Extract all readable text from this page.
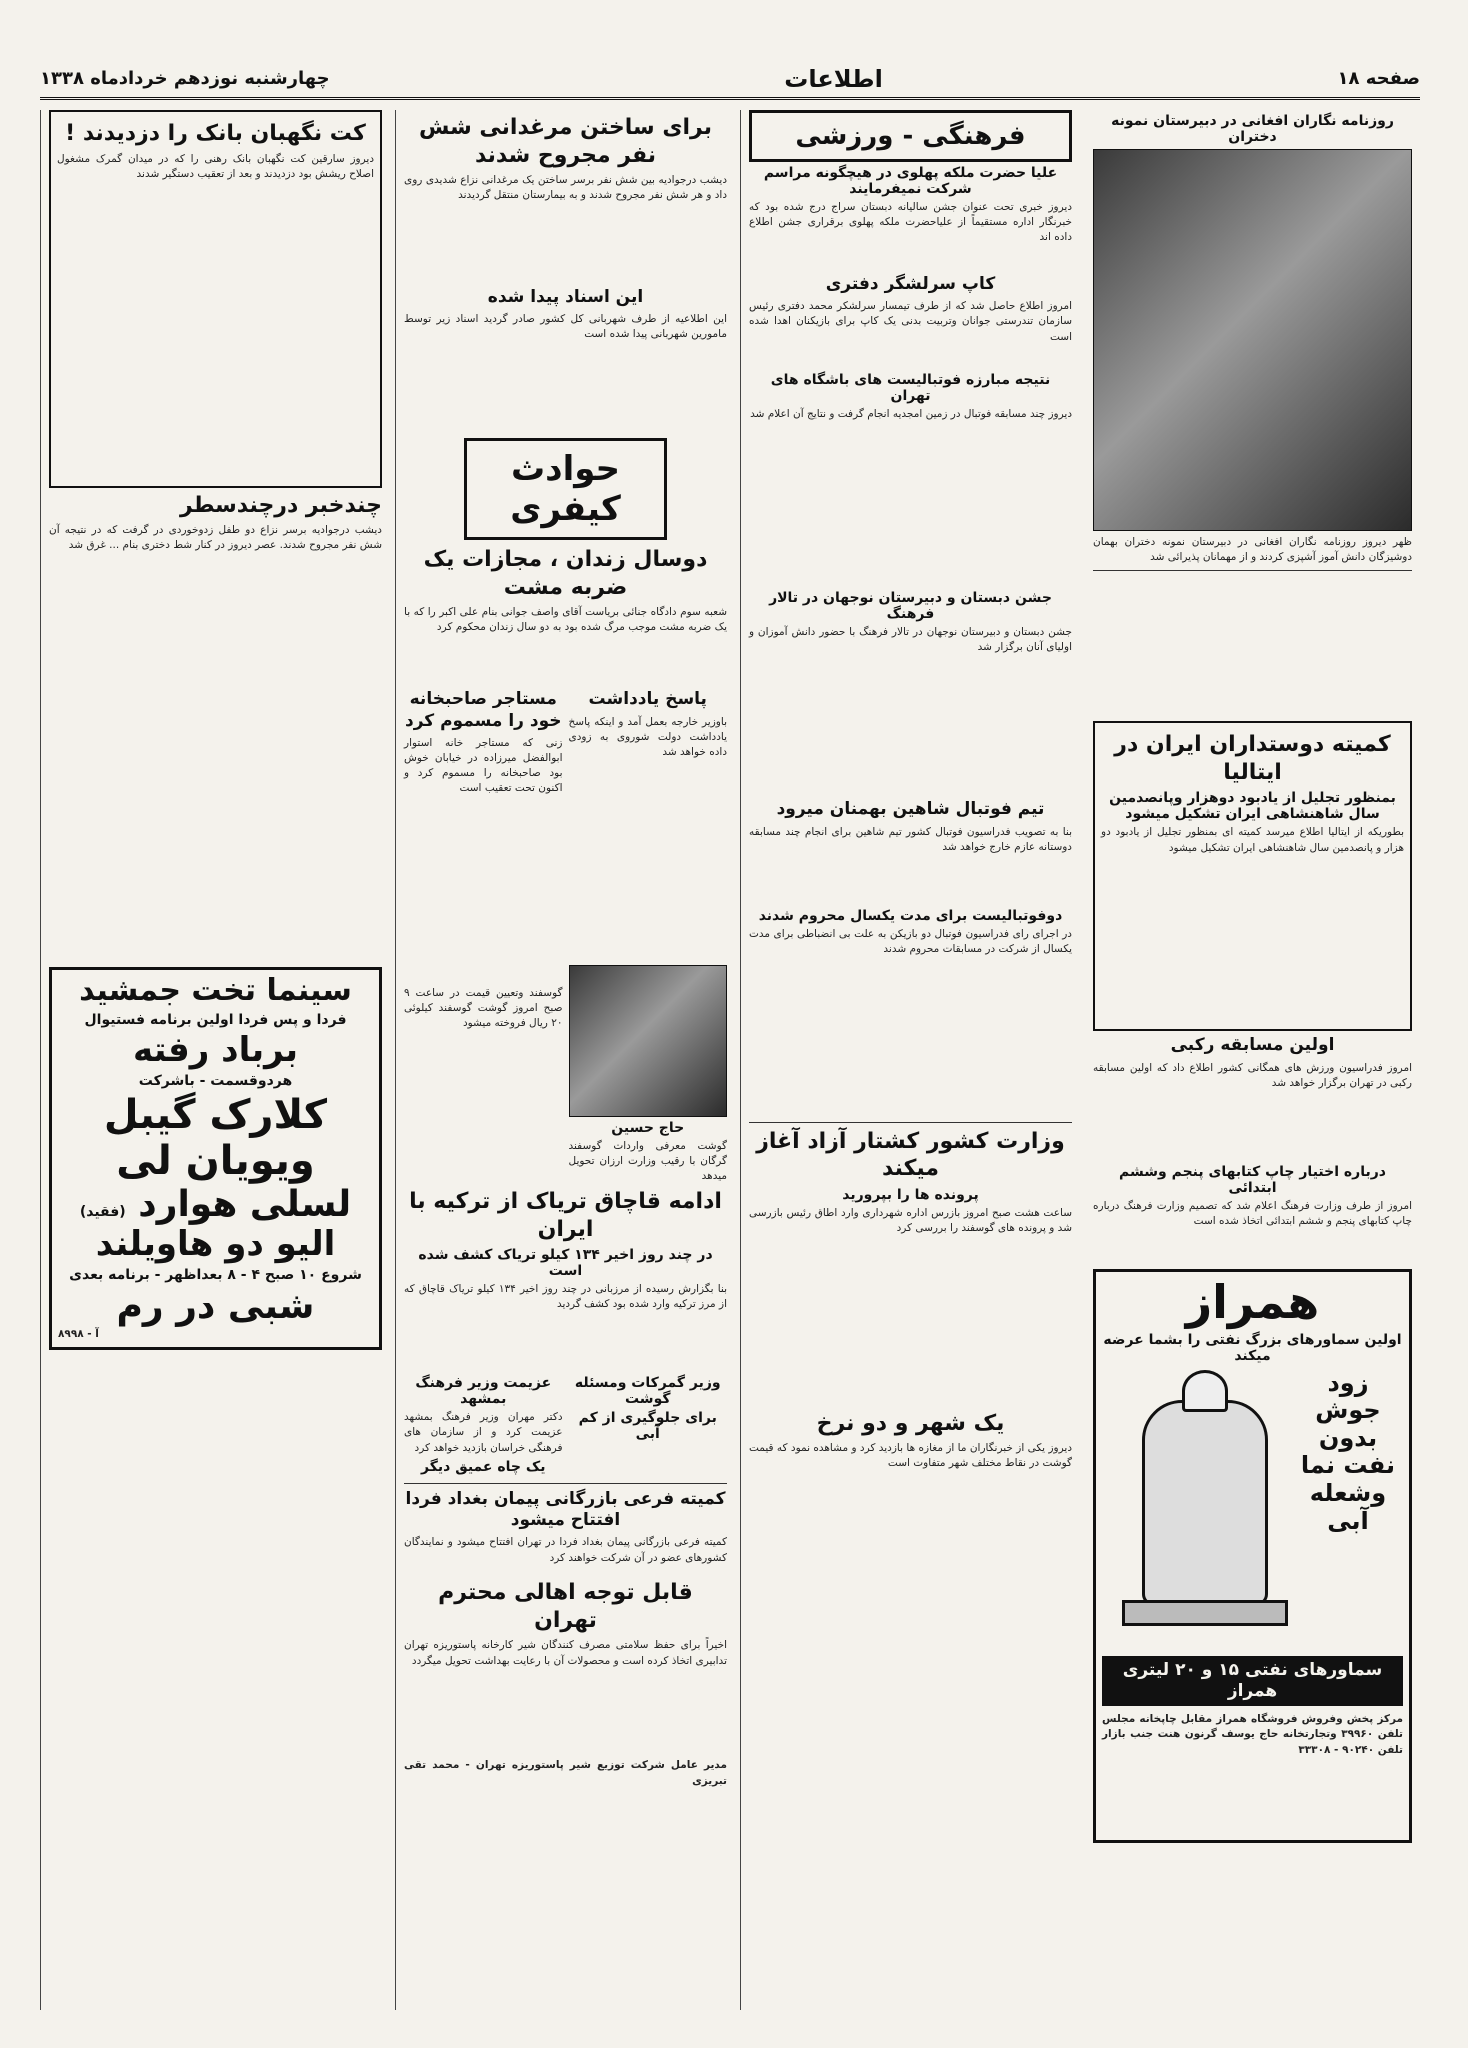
صفحه ۱۸
اطلاعات
چهارشنبه نوزدهم خردادماه ۱۳۳۸
روزنامه نگاران افغانی در دبیرستان نمونه دختران
ظهر دیروز روزنامه نگاران افغانی در دبیرستان نمونه دختران بهمان دوشیزگان دانش آموز آشپزی کردند و از مهمانان پذیرائی شد
کمیته دوستداران ایران در ایتالیا
بمنظور تجلیل از یادبود دوهزار وپانصدمین سال شاهنشاهی ایران تشکیل میشود
بطوریکه از ایتالیا اطلاع میرسد کمیته ای بمنظور تجلیل از یادبود دو هزار و پانصدمین سال شاهنشاهی ایران تشکیل میشود
اولین مسابقه رکبی
امروز فدراسیون ورزش های همگانی کشور اطلاع داد که اولین مسابقه رکبی در تهران برگزار خواهد شد
درباره اختیار چاپ کتابهای پنجم وششم ابتدائی
امروز از طرف وزارت فرهنگ اعلام شد که تصمیم وزارت فرهنگ درباره چاپ کتابهای پنجم و ششم ابتدائی اتخاذ شده است
همراز
اولین سماورهای بزرگ نفتی را بشما عرضه میکند
زود جوش بدون نفت نما وشعله آبی
سماورهای نفتی ۱۵ و ۲۰ لیتری همراز
مرکز پخش وفروش فروشگاه همراز مقابل چاپخانه مجلس تلفن ۳۹۹۶۰ وتجارتخانه حاج یوسف گرنون هنت جنب بازار تلفن ۹۰۲۴۰ - ۳۳۳۰۸
فرهنگی - ورزشی
علیا حضرت ملکه پهلوی در هیچگونه مراسم شرکت نمیفرمایند
دیروز خبری تحت عنوان جشن سالیانه دبستان سراج درج شده بود که خبرنگار اداره مستقیماً از علیاحضرت ملکه پهلوی برقراری جشن اطلاع داده اند
کاپ سرلشگر دفتری
امروز اطلاع حاصل شد که از طرف تیمسار سرلشکر محمد دفتری رئیس سازمان تندرستی جوانان وتربیت بدنی یک کاپ برای بازیکنان اهدا شده است
نتیجه مبارزه فوتبالیست های باشگاه های تهران
دیروز چند مسابقه فوتبال در زمین امجدیه انجام گرفت و نتایج آن اعلام شد
جشن دبستان و دبیرستان نوجهان در تالار فرهنگ
جشن دبستان و دبیرستان نوجهان در تالار فرهنگ با حضور دانش آموزان و اولیای آنان برگزار شد
تیم فوتبال شاهین بهمنان میرود
بنا به تصویب فدراسیون فوتبال کشور تیم شاهین برای انجام چند مسابقه دوستانه عازم خارج خواهد شد
دوفوتبالیست برای مدت یکسال محروم شدند
در اجرای رای فدراسیون فوتبال دو بازیکن به علت بی انضباطی برای مدت یکسال از شرکت در مسابقات محروم شدند
وزارت کشور کشتار آزاد آغاز میکند
پرونده ها را بپرورید
ساعت هشت صبح امروز بازرس اداره شهرداری وارد اطاق رئیس بازرسی شد و پرونده های گوسفند را بررسی کرد
یک شهر و دو نرخ
دیروز یکی از خبرنگاران ما از مغازه ها بازدید کرد و مشاهده نمود که قیمت گوشت در نقاط مختلف شهر متفاوت است
برای ساختن مرغدانی شش نفر مجروح شدند
دیشب درجوادیه بین شش نفر برسر ساختن یک مرغدانی نزاع شدیدی روی داد و هر شش نفر مجروح شدند و به بیمارستان منتقل گردیدند
این اسناد پیدا شده
این اطلاعیه از طرف شهربانی کل کشور صادر گردید اسناد زیر توسط مامورین شهربانی پیدا شده است
حوادث کیفری
دوسال زندان ، مجازات یک ضربه مشت
شعبه سوم دادگاه جنائی بریاست آقای واصف جوانی بنام علی اکبر را که با یک ضربه مشت موجب مرگ شده بود به دو سال زندان محکوم کرد
پاسخ یادداشت
باوزیر خارجه بعمل آمد و اینکه پاسخ یادداشت دولت شوروی به زودی داده خواهد شد
حاج حسین
گوشت معرفی واردات گوسفند گرگان با رقیب وزارت ارزان تحویل میدهد
مستاجر صاحبخانه خود را مسموم کرد
زنی که مستاجر خانه استوار ابوالفضل میرزاده در خیابان خوش بود صاحبخانه را مسموم کرد و اکنون تحت تعقیب است
گوسفند وتعیین قیمت در ساعت ۹ صبح امروز گوشت گوسفند کیلوئی ۲۰ ریال فروخته میشود
ادامه قاچاق تریاک از ترکیه با ایران
در چند روز اخیر ۱۳۴ کیلو تریاک کشف شده است
بنا بگزارش رسیده از مرزبانی در چند روز اخیر ۱۳۴ کیلو تریاک قاچاق که از مرز ترکیه وارد شده بود کشف گردید
وزیر گمرکات ومسئله گوشت
برای جلوگیری از کم آبی
عزیمت وزیر فرهنگ بمشهد
دکتر مهران وزیر فرهنگ بمشهد عزیمت کرد و از سازمان های فرهنگی خراسان بازدید خواهد کرد
یک چاه عمیق دیگر
کمیته فرعی بازرگانی پیمان بغداد فردا افتتاح میشود
کمیته فرعی بازرگانی پیمان بغداد فردا در تهران افتتاح میشود و نمایندگان کشورهای عضو در آن شرکت خواهند کرد
قابل توجه اهالی محترم تهران
اخیراً برای حفظ سلامتی مصرف کنندگان شیر کارخانه پاستوریزه تهران تدابیری اتخاذ کرده است و محصولات آن با رعایت بهداشت تحویل میگردد
مدیر عامل شرکت توزیع شیر پاستوریزه تهران - محمد تقی تبریزی
کت نگهبان بانک را دزدیدند !
دیروز سارقین کت نگهبان بانک رهنی را که در میدان گمرک مشغول اصلاح ریشش بود دزدیدند و بعد از تعقیب دستگیر شدند
چندخبر درچندسطر
دیشب درجوادیه برسر نزاع دو طفل زدوخوردی در گرفت که در نتیجه آن شش نفر مجروح شدند. عصر دیروز در کنار شط دختری بنام ... غرق شد
سینما تخت جمشید
فردا و پس فردا اولین برنامه فستیوال
برباد رفته
هردوقسمت - باشرکت
کلارک گیبل
ویویان لی
لسلی هوارد (فقید)
الیو دو هاویلند
شروع ۱۰ صبح ۴ - ۸ بعداظهر - برنامه بعدی
شبی در رم
آ - ۸۹۹۸
